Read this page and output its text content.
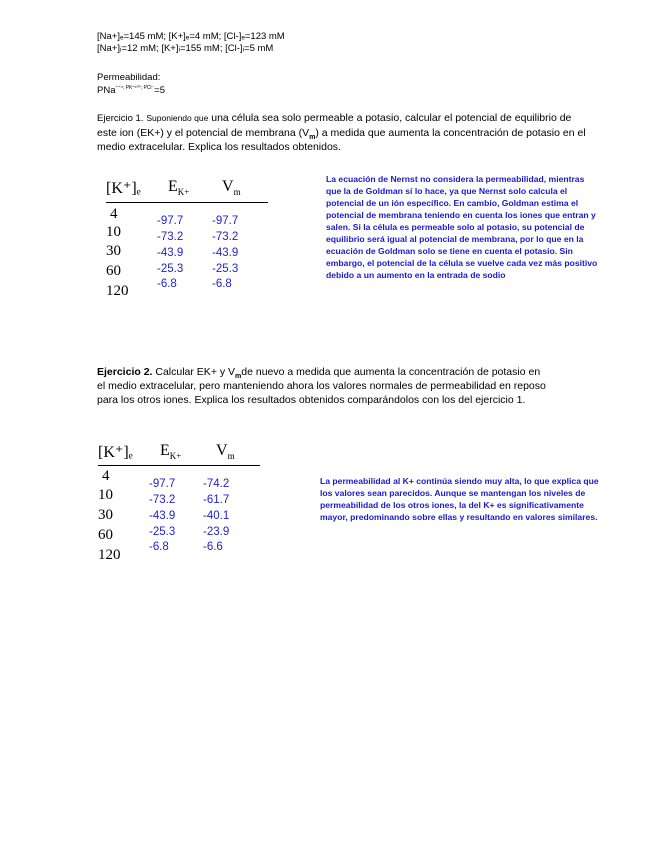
[Na+]ₑ=145 mM; [K+]ₑ=4 mM; [Cl-]ₑ=123 mM
[Na+]ᵢ=12 mM; [K+]ᵢ=155 mM; [Cl-]ᵢ=5 mM
Permeabilidad:
PNa$^{^{+=4}; PK^{=100}; PCl^-}$=5
Ejercicio 1. Suponiendo que una célula sea solo permeable a potasio, calcular el potencial de equilibrio de este ion (EK+) y el potencial de membrana $(V_m)$ a medida que aumenta la concentración de potasio en el medio extracelular. Explica los resultados obtenidos.
[K⁺]ₑ $E_{K+}$ $V_m$
4
10
30
60
120
-97.7
-73.2
-43.9
-25.3
-6.8
-97.7
-73.2
-43.9
-25.3
-6.8
La ecuación de Nernst no considera la permeabilidad, mientras que la de Goldman sí lo hace, ya que Nernst solo calcula el potencial de un ión específico. En cambio, Goldman estima el potencial de membrana teniendo en cuenta los iones que entran y salen. Si la célula es permeable solo al potasio, su potencial de equilibrio será igual al potencial de membrana, por lo que en la ecuación de Goldman solo se tiene en cuenta el potasio. Sin embargo, el potencial de la célula se vuelve cada vez más positivo debido a un aumento en la entrada de sodio
Ejercicio 2. Calcular EK+ y $V_mde$ nuevo a medida que aumenta la concentración de potasio en el medio extracelular, pero manteniendo ahora los valores normales de permeabilidad en reposo para los otros iones. Explica los resultados obtenidos comparándolos con los del ejercicio 1.
[K⁺]ₑ $E_{K+}$ $V_m$
4
10
30
60
120
-97.7
-73.2
-43.9
-25.3
-6.8
-74.2
-61.7
-40.1
-23.9
-6.6
La permeabilidad al K+ continúa siendo muy alta, lo que explica que los valores sean parecidos. Aunque se mantengan los niveles de permeabilidad de los otros iones, la del K+ es significativamente mayor, predominando sobre ellas y resultando en valores similares.
